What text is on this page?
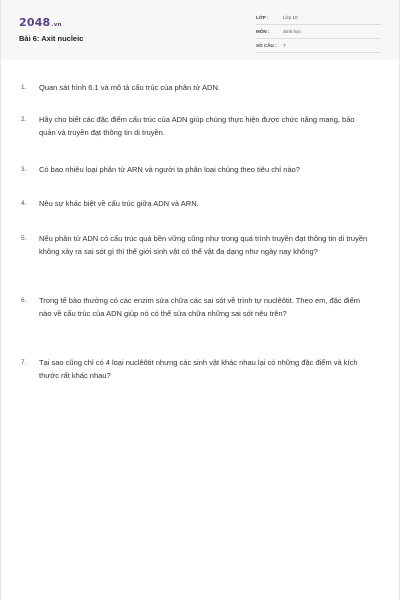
2048.vn
Bài 6: Axit nucleic
LỚP :	Lớp 10
MÔN :	Sinh học
SỐ CÂU : 7
1. Quan sát hình 6.1 và mô tả cấu trúc của phân tử ADN.
2. Hãy cho biết các đặc điểm cấu trúc của ADN giúp chúng thực hiện được chức năng mang, bảo quản và truyền đạt thông tin di truyền.
3. Có bao nhiêu loại phân tử ARN và người ta phân loại chúng theo tiêu chí nào?
4. Nêu sự khác biệt về cấu trúc giữa ADN và ARN.
5. Nếu phân tử ADN có cấu trúc quá bền vững cũng như trong quá trình truyền đạt thông tin di truyền không xảy ra sai sót gì thì thế giới sinh vật có thể vật đa dạng như ngày nay không?
6. Trong tế bào thường có các enzim sửa chữa các sai sót về trình tự nuclêôtit. Theo em, đặc điểm nào về cấu trúc của ADN giúp nó có thể sửa chữa những sai sót nêu trên?
7. Tại sao cũng chỉ có 4 loại nuclêôtit nhưng các sinh vật khác nhau lại có những đặc điểm và kích thước rất khác nhau?
